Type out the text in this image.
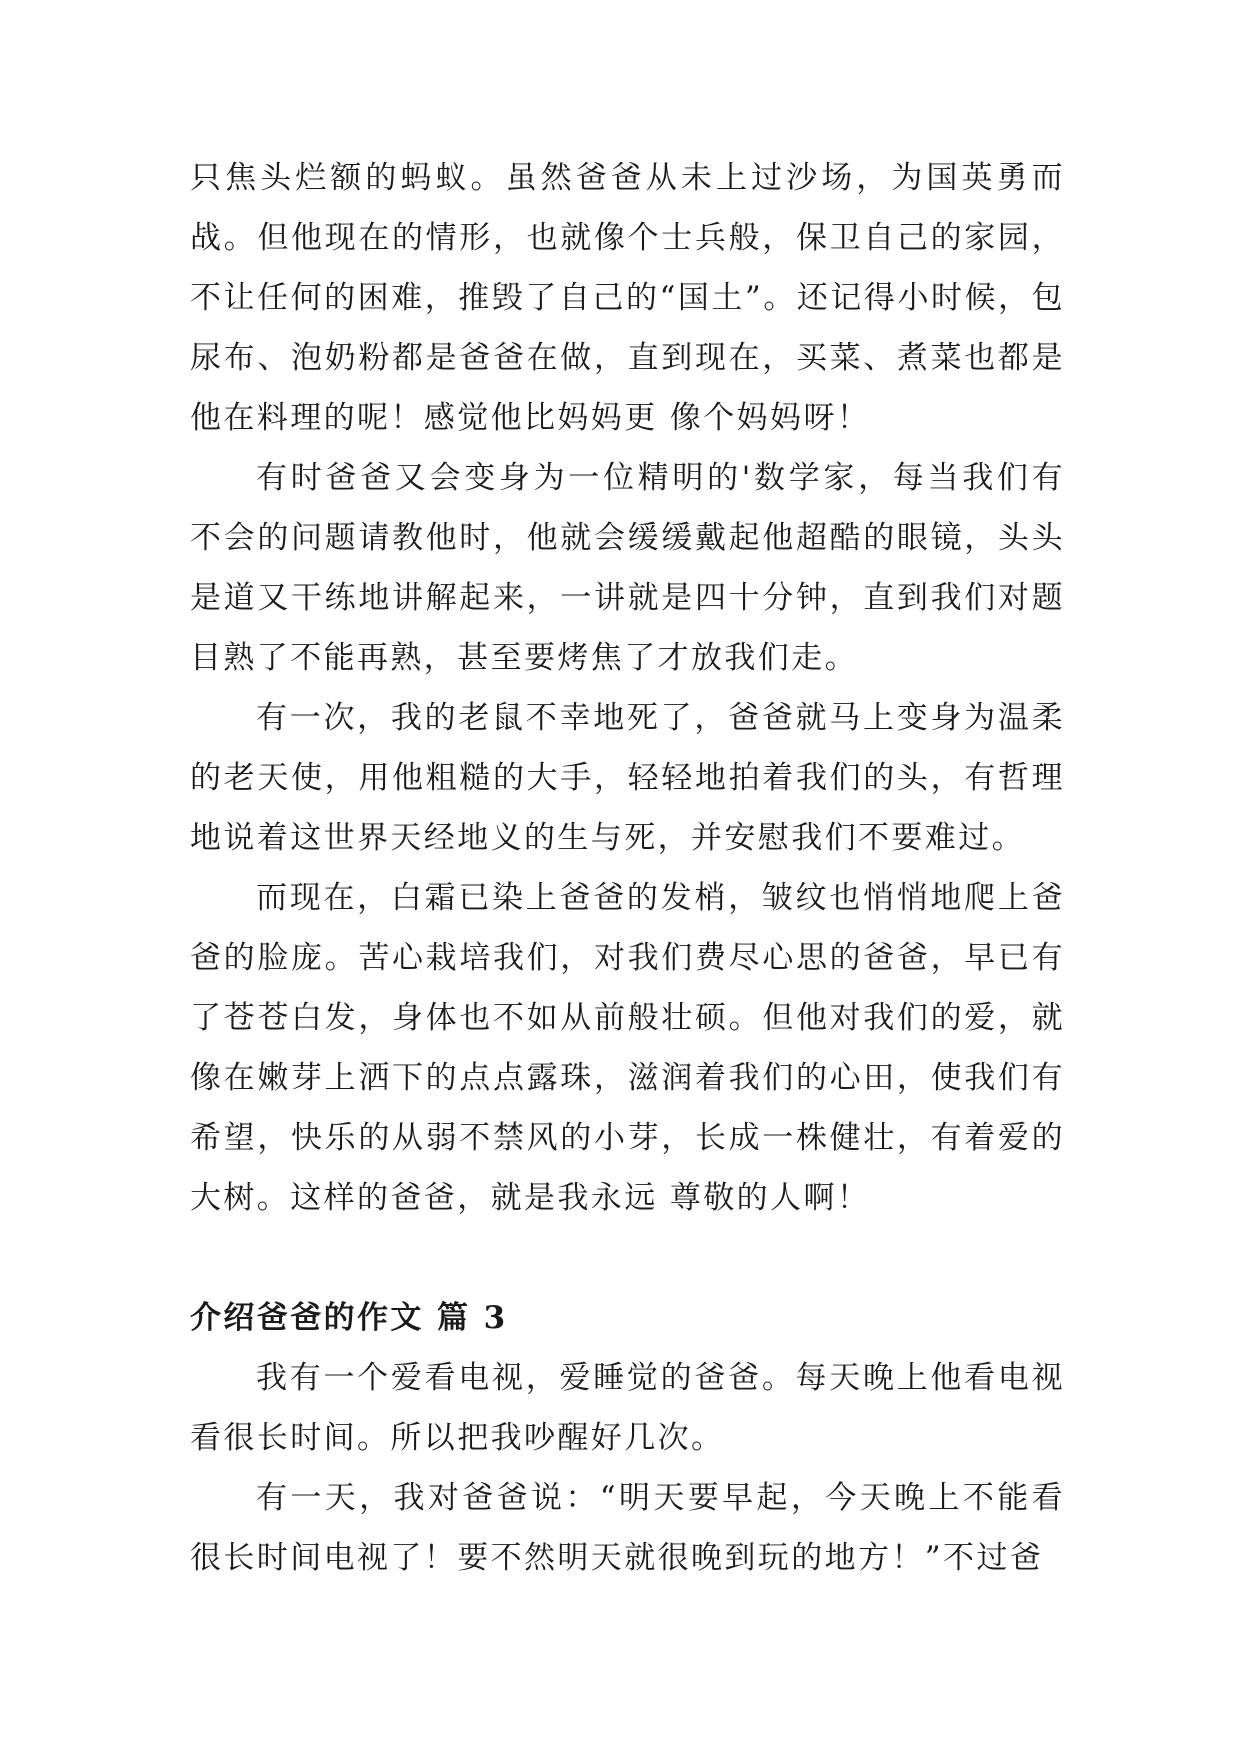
只焦头烂额的蚂蚁。虽然爸爸从未上过沙场，为国英勇而战。但他现在的情形，也就像个士兵般，保卫自己的家园，不让任何的困难，推毁了自己的“国土”。还记得小时候，包尿布、泡奶粉都是爸爸在做，直到现在，买菜、煮菜也都是他在料理的呢！感觉他比妈妈更 像个妈妈呀！

有时爸爸又会变身为一位精明的'数学家，每当我们有不会的问题请教他时，他就会缓缓戴起他超酷的眼镜，头头是道又干练地讲解起来，一讲就是四十分钟，直到我们对题目熟了不能再熟，甚至要烤焦了才放我们走。

有一次，我的老鼠不幸地死了，爸爸就马上变身为温柔的老天使，用他粗糙的大手，轻轻地拍着我们的头，有哲理地说着这世界天经地义的生与死，并安慰我们不要难过。

而现在，白霜已染上爸爸的发梢，皱纹也悄悄地爬上爸爸的脸庞。苦心栽培我们，对我们费尽心思的爸爸，早已有了苍苍白发，身体也不如从前般壮硕。但他对我们的爱，就像在嫩芽上洒下的点点露珠，滋润着我们的心田，使我们有希望，快乐的从弱不禁风的小芽，长成一株健壮，有着爱的大树。这样的爸爸，就是我永远 尊敬的人啊！

介绍爸爸的作文 篇 3

我有一个爱看电视，爱睡觉的爸爸。每天晚上他看电视看很长时间。所以把我吵醒好几次。

有一天，我对爸爸说：“明天要早起，今天晚上不能看很长时间电视了！要不然明天就很晚到玩的地方！”不过爸
